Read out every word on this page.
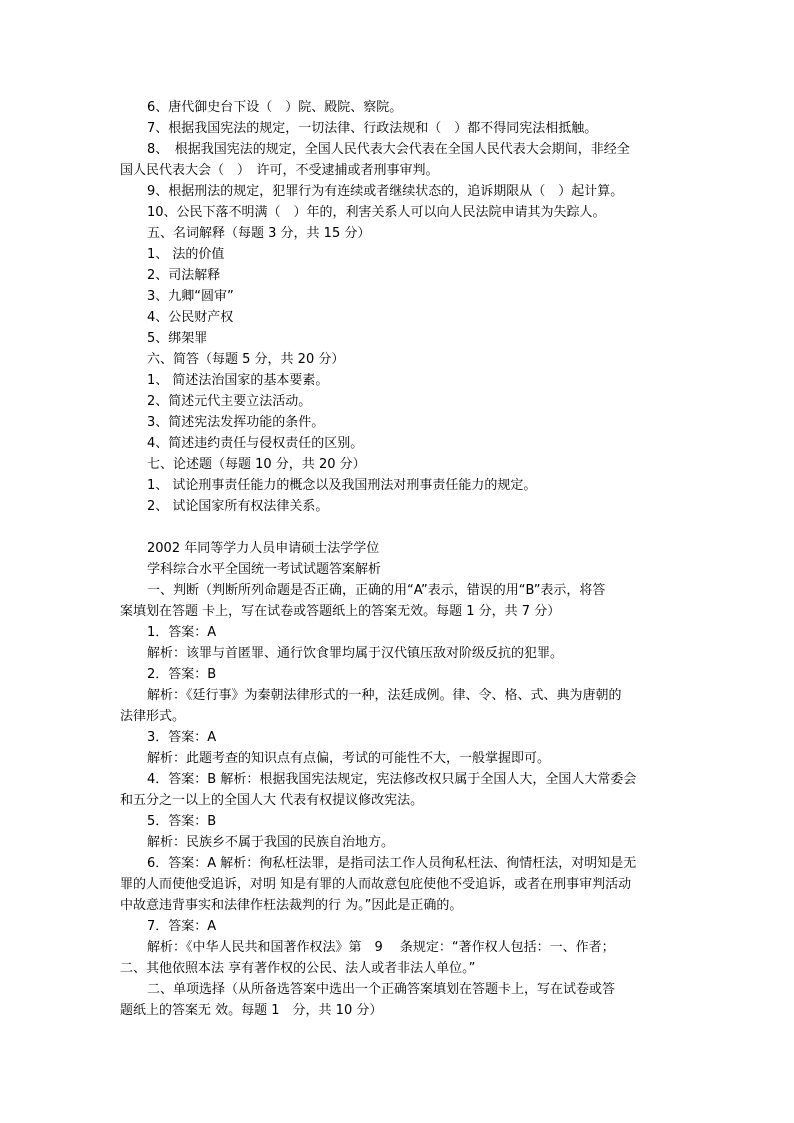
6、唐代御史台下设（　）院、殿院、察院。
7、根据我国宪法的规定，一切法律、行政法规和（　）都不得同宪法相抵触。
8、　根据我国宪法的规定，全国人民代表大会代表在全国人民代表大会期间，非经全
国人民代表大会（　）　许可，不受逮捕或者刑事审判。
9、根据刑法的规定，犯罪行为有连续或者继续状态的，追诉期限从（　）起计算。
10、公民下落不明满（　）年的，利害关系人可以向人民法院申请其为失踪人。
五、名词解释（每题 3 分，共 15 分）
1、 法的价值
2、司法解释
3、九卿“圆审”
4、公民财产权
5、绑架罪
六、简答（每题 5 分，共 20 分）
1、 简述法治国家的基本要素。
2、简述元代主要立法活动。
3、简述宪法发挥功能的条件。
4、简述违约责任与侵权责任的区别。
七、论述题（每题 10 分，共 20 分）
1、 试论刑事责任能力的概念以及我国刑法对刑事责任能力的规定。
2、 试论国家所有权法律关系。
2002 年同等学力人员申请硕士法学学位
学科综合水平全国统一考试试题答案解析
一、判断（判断所列命题是否正确，正确的用“A”表示，错误的用“B”表示，将答
案填划在答题 卡上，写在试卷或答题纸上的答案无效。每题 1 分，共 7 分）
1．答案：A
解析：该罪与首匿罪、通行饮食罪均属于汉代镇压敌对阶级反抗的犯罪。
2．答案：B
解析：《廷行事》为秦朝法律形式的一种，法廷成例。律、令、格、式、典为唐朝的
法律形式。
3．答案：A
解析：此题考查的知识点有点偏，考试的可能性不大，一般掌握即可。
4．答案：B 解析：根据我国宪法规定，宪法修改权只属于全国人大，全国人大常委会
和五分之一以上的全国人大 代表有权提议修改宪法。
5．答案：B
解析：民族乡不属于我国的民族自治地方。
6．答案：A 解析：徇私枉法罪，是指司法工作人员徇私枉法、徇情枉法，对明知是无
罪的人而使他受追诉，对明 知是有罪的人而故意包庇使他不受追诉，或者在刑事审判活动
中故意违背事实和法律作枉法裁判的行 为。”因此是正确的。
7．答案：A
解析：《中华人民共和国著作权法》第　9　 条规定：“著作权人包括：一、作者；
二、其他依照本法 享有著作权的公民、法人或者非法人单位。”
二、单项选择（从所备选答案中选出一个正确答案填划在答题卡上，写在试卷或答
题纸上的答案无 效。每题 1　分，共 10 分）
